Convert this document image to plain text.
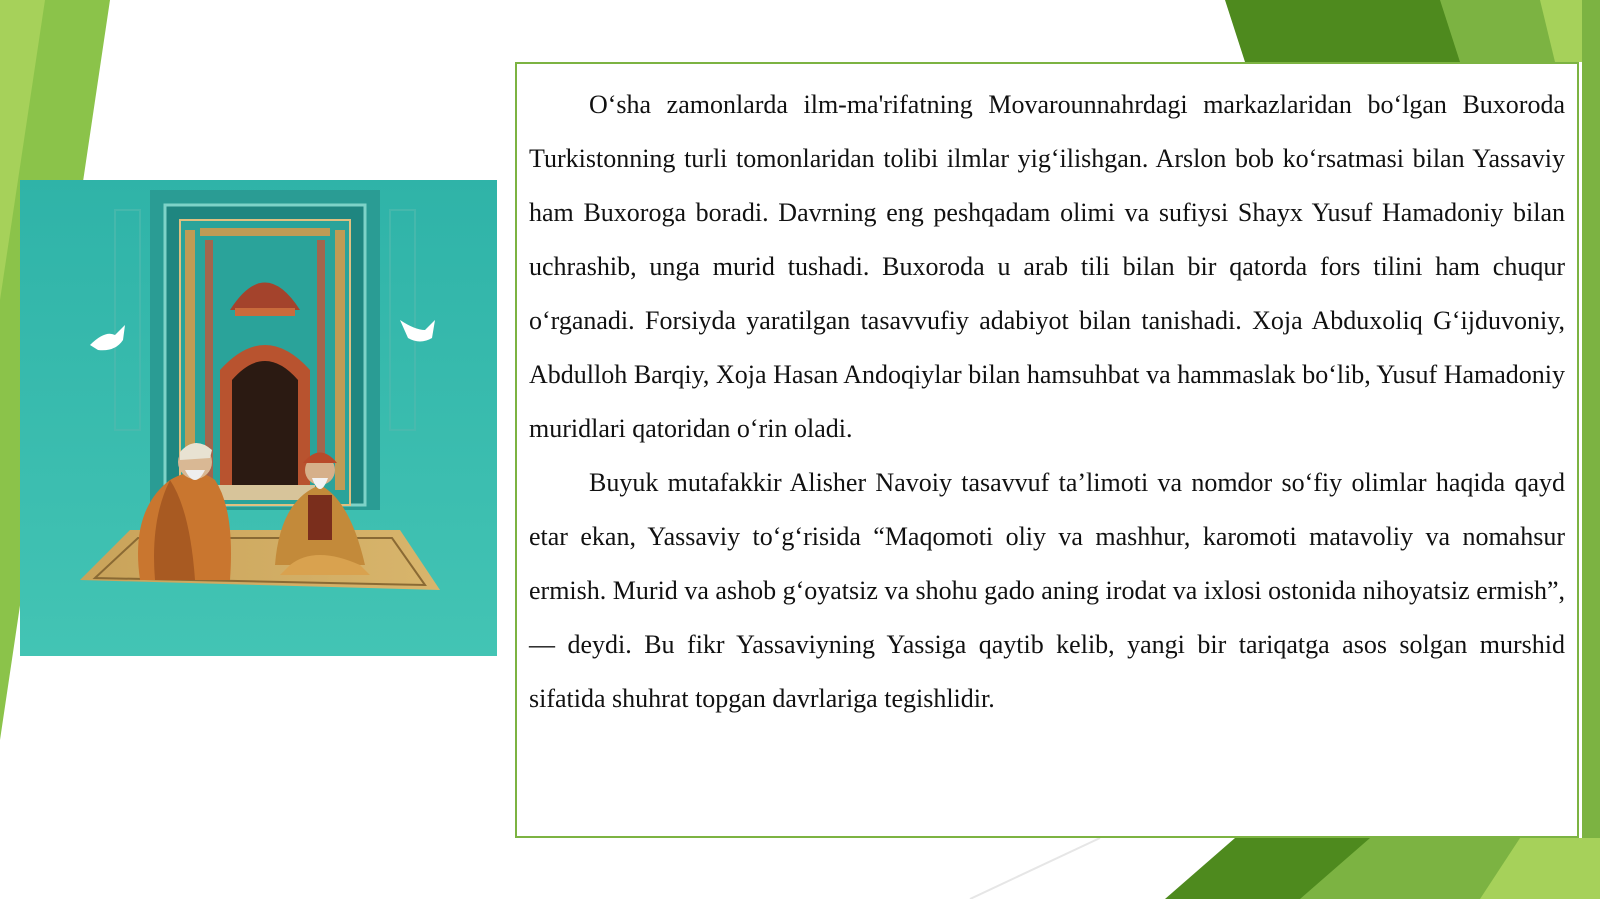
O‘sha zamonlarda ilm-ma'rifatning Movarounnahrdagi markazlaridan bo‘lgan Buxoroda Turkistonning turli tomonlaridan tolibi ilmlar yig‘ilishgan. Arslon bob ko‘rsatmasi bilan Yassaviy ham Buxoroga boradi. Davrning eng peshqadam olimi va sufiysi Shayx Yusuf Hamadoniy bilan uchrashib, unga murid tushadi. Buxoroda u arab tili bilan bir qatorda fors tilini ham chuqur o‘rganadi. Forsiyda yaratilgan tasavvufiy adabiyot bilan tanishadi. Xoja Abduxoliq G‘ijduvoniy, Abdulloh Barqiy, Xoja Hasan Andoqiylar bilan hamsuhbat va hammaslak bo‘lib, Yusuf Hamadoniy muridlari qatoridan o‘rin oladi.

Buyuk mutafakkir Alisher Navoiy tasavvuf ta’limoti va nomdor so‘fiy olimlar haqida qayd etar ekan, Yassaviy to‘g‘risida “Maqomoti oliy va mashhur, karomoti matavoliy va nomahsur ermish. Murid va ashob g‘oyatsiz va shohu gado aning irodat va ixlosi ostonida nihoyatsiz ermish”, — deydi. Bu fikr Yassaviyning Yassiga qaytib kelib, yangi bir tariqatga asos solgan murshid sifatida shuhrat topgan davrlariga tegishlidir.
